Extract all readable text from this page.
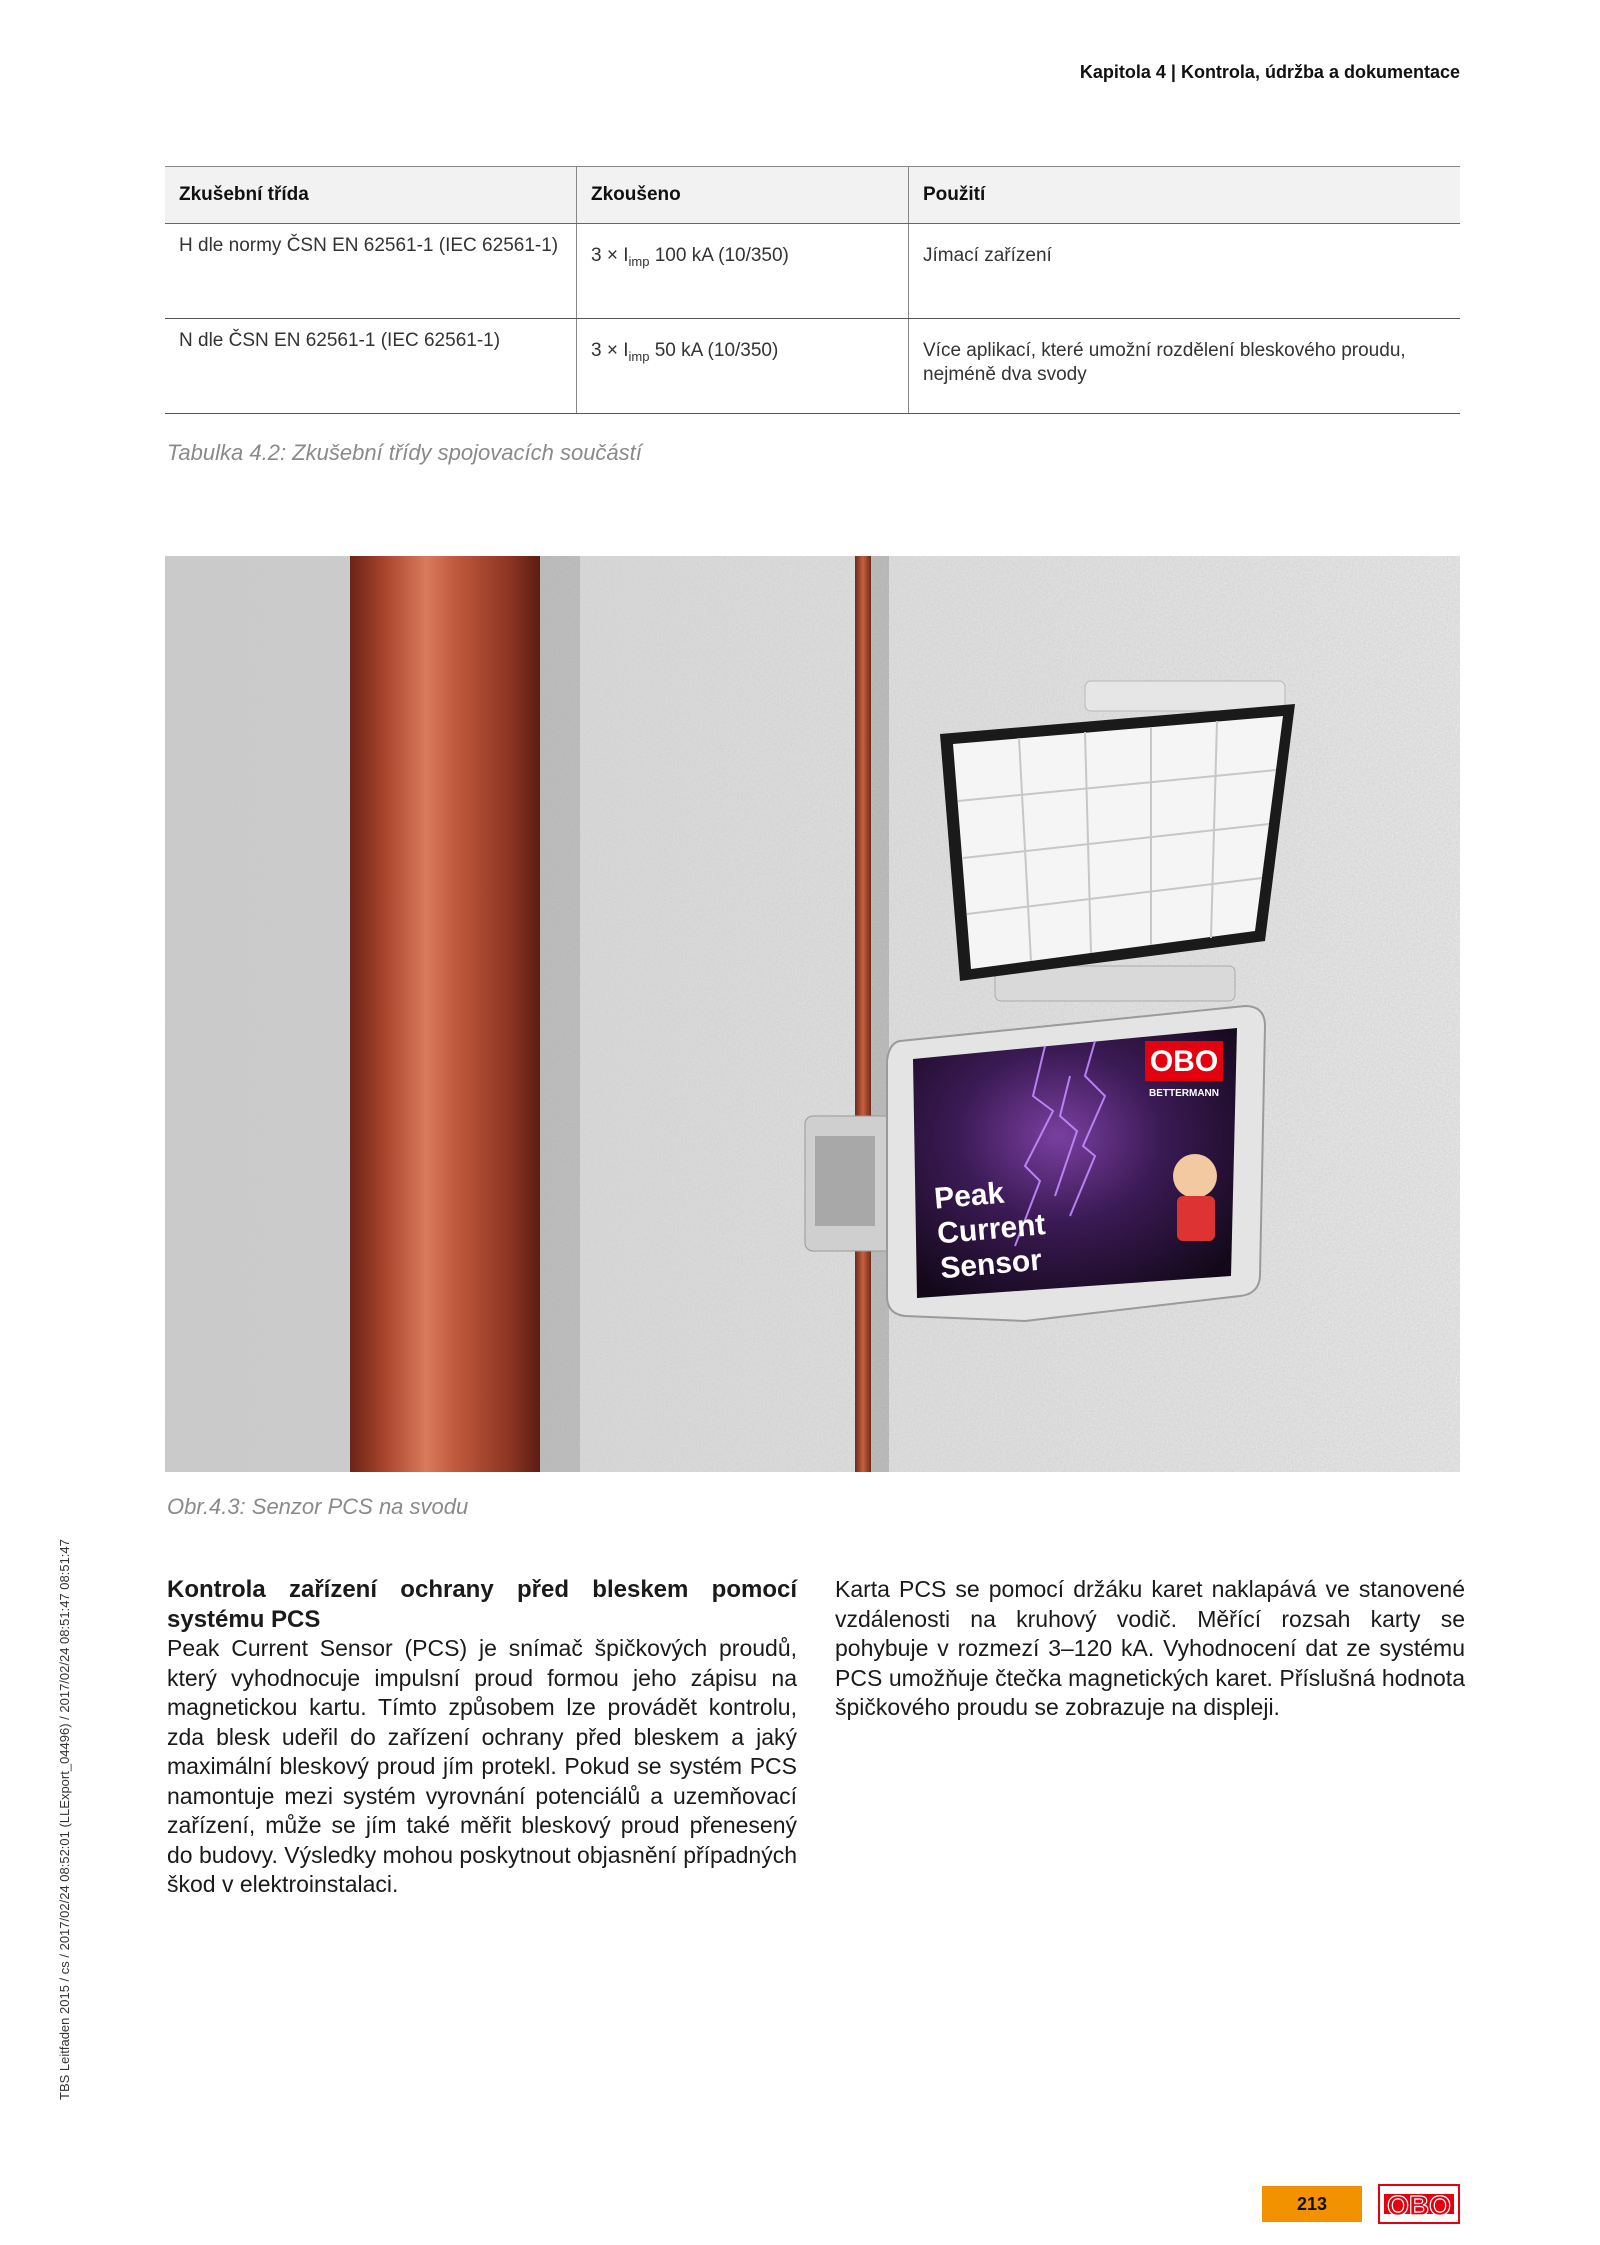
Kapitola 4 | Kontrola, údržba a dokumentace
Zkušební třída	Zkoušeno	Použití
H dle normy ČSN EN 62561-1 (IEC 62561-1)	$3 \times I_{imp}$ 100 kA (10/350)	Jímací zařízení
N dle ČSN EN 62561-1 (IEC 62561-1)	$3 \times I_{imp}$ 50 kA (10/350)	Více aplikací, které umožní rozdělení bleskového proudu, nejméně dva svody
Tabulka 4.2: Zkušební třídy spojovacích součástí
OBO
BETTERMANN
Peak
Current
Sensor
Obr.4.3: Senzor PCS na svodu
Kontrola zařízení ochrany před bleskem pomocí systému PCS

Peak Current Sensor (PCS) je snímač špičkových proudů, který vyhodnocuje impulsní proud formou jeho zápisu na magnetickou kartu. Tímto způsobem lze provádět kontrolu, zda blesk udeřil do zařízení ochrany před bleskem a jaký maximální bleskový proud jím protekl. Pokud se systém PCS namontuje mezi systém vyrovnání potenciálů a uzemňovací zařízení, může se jím také měřit bleskový proud přenesený do budovy. Výsledky mohou poskytnout objasnění případných škod v elektroinstalaci.

Karta PCS se pomocí držáku karet naklapává ve stanovené vzdálenosti na kruhový vodič. Měřící rozsah karty se pohybuje v rozmezí 3–120 kA. Vyhodnocení dat ze systému PCS umožňuje čtečka magnetických karet. Příslušná hodnota špičkového proudu se zobrazuje na displeji.

TBS Leitfaden 2015 / cs / 2017/02/24 08:52:01 (LLExport_04496) / 2017/02/24 08:51:47 08:51:47
213	OBO
